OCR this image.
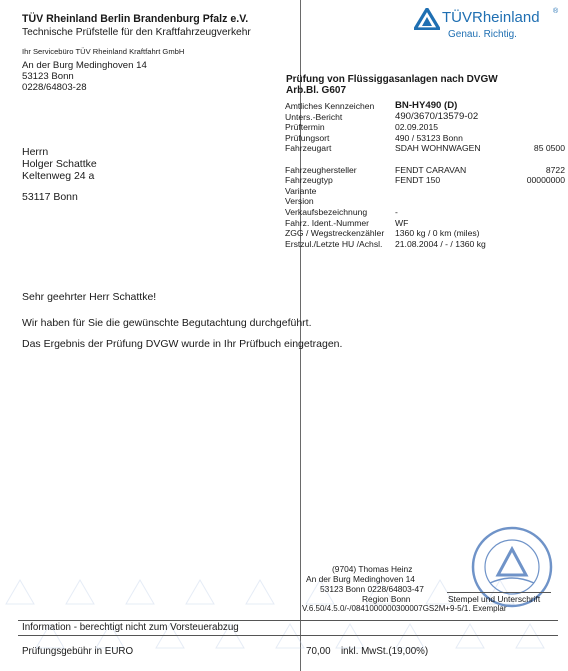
TÜV Rheinland Berlin Brandenburg Pfalz e.V.
Technische Prüfstelle für den Kraftfahrzeugverkehr
TÜVRheinland ®
Genau. Richtig.
Ihr Servicebüro TÜV Rheinland Kraftfahrt GmbH
An der Burg Medinghoven 14
53123 Bonn
0228/64803-28
Herrn
Holger Schattke
Keltenweg 24 a
53117 Bonn
Prüfung von Flüssiggasanlagen nach DVGW
Arb.Bl. G607
Amtliches Kennzeichen BN-HY490 (D)
Unters.-Bericht	490/3670/13579-02
Prüftermin	02.09.2015
Prüfungsort	490 / 53123 Bonn
Fahrzeugart	SDAH WOHNWAGEN	85 0500
Fahrzeughersteller	FENDT CARAVAN	8722
Fahrzeugtyp	FENDT 150	00000000
Variante
Version
Verkaufsbezeichnung	-
Fahrz. Ident.-Nummer	WF
ZGG / Wegstreckenzähler 1360 kg / 0 km (miles)
Erstzul./Letzte HU /Achsl. 21.08.2004 / - / 1360 kg
Sehr geehrter Herr Schattke!
Wir haben für Sie die gewünschte Begutachtung durchgeführt.
Das Ergebnis der Prüfung DVGW wurde in Ihr Prüfbuch eingetragen.
(9704) Thomas Heinz
An der Burg Medinghoven 14
53123 Bonn 0228/64803-47
Region Bonn	Stempel und Unterschrift
V.6.50/4.5.0/-/0841000000300007GS2M+9-5/1. Exemplar
Information - berechtigt nicht zum Vorsteuerabzug
Prüfungsgebühr in EURO	70,00 inkl. MwSt.(19,00%)
